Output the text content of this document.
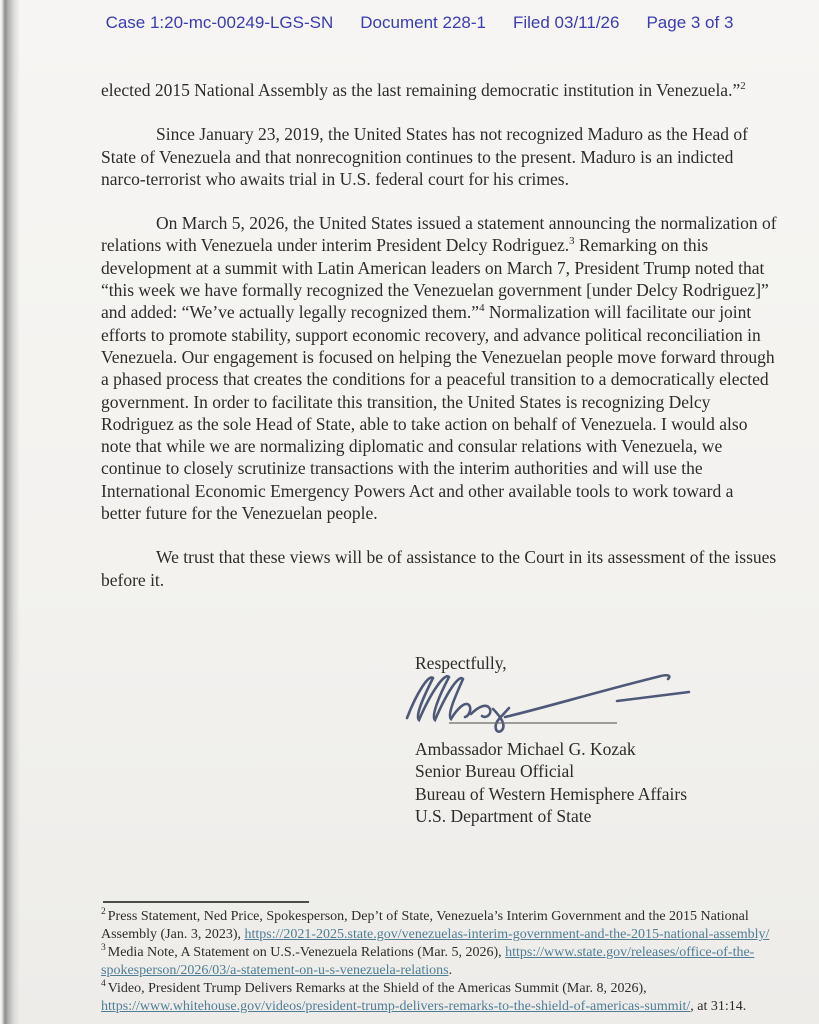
Case 1:20-mc-00249-LGS-SN Document 228-1 Filed 03/11/26 Page 3 of 3

elected 2015 National Assembly as the last remaining democratic institution in Venezuela.”$^2$

Since January 23, 2019, the United States has not recognized Maduro as the Head of State of Venezuela and that nonrecognition continues to the present. Maduro is an indicted narco-terrorist who awaits trial in U.S. federal court for his crimes.

On March 5, 2026, the United States issued a statement announcing the normalization of relations with Venezuela under interim President Delcy Rodriguez.$^3$ Remarking on this development at a summit with Latin American leaders on March 7, President Trump noted that “this week we have formally recognized the Venezuelan government [under Delcy Rodriguez]” and added: “We’ve actually legally recognized them.”$^4$ Normalization will facilitate our joint efforts to promote stability, support economic recovery, and advance political reconciliation in Venezuela. Our engagement is focused on helping the Venezuelan people move forward through a phased process that creates the conditions for a peaceful transition to a democratically elected government. In order to facilitate this transition, the United States is recognizing Delcy Rodriguez as the sole Head of State, able to take action on behalf of Venezuela. I would also note that while we are normalizing diplomatic and consular relations with Venezuela, we continue to closely scrutinize transactions with the interim authorities and will use the International Economic Emergency Powers Act and other available tools to work toward a better future for the Venezuelan people.

We trust that these views will be of assistance to the Court in its assessment of the issues before it.

Respectfully,
Ambassador Michael G. Kozak
Senior Bureau Official
Bureau of Western Hemisphere Affairs
U.S. Department of State

$^2$ Press Statement, Ned Price, Spokesperson, Dep’t of State, Venezuela’s Interim Government and the 2015 National Assembly (Jan. 3, 2023), https://2021-2025.state.gov/venezuelas-interim-government-and-the-2015-national-assembly/

$^3$ Media Note, A Statement on U.S.-Venezuela Relations (Mar. 5, 2026), https://www.state.gov/releases/office-of-the-spokesperson/2026/03/a-statement-on-u-s-venezuela-relations.

$^4$ Video, President Trump Delivers Remarks at the Shield of the Americas Summit (Mar. 8, 2026), https://www.whitehouse.gov/videos/president-trump-delivers-remarks-to-the-shield-of-americas-summit/, at 31:14.
